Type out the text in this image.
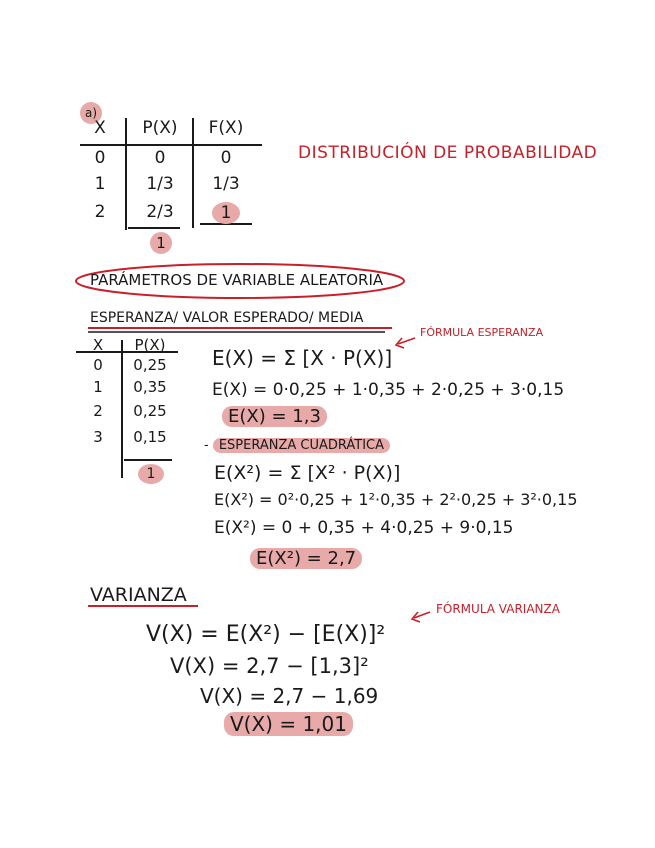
a)
X	P(X)	F(X)
0	0	0
1	1/3	1/3
2	2/3	1
1
DISTRIBUCIÓN DE PROBABILIDAD
PARÁMETROS DE VARIABLE ALEATORIA
ESPERANZA/ VALOR ESPERADO/ MEDIA
FÓRMULA ESPERANZA
X	P(X)
0	0,25
1	0,35
2	0,25
3	0,15
1
E(X) = Σ [X · P(X)]
E(X) = 0·0,25 + 1·0,35 + 2·0,25 + 3·0,15
E(X) = 1,3
- ESPERANZA CUADRÁTICA
E(X²) = Σ [X² · P(X)]
E(X²) = 0²·0,25 + 1²·0,35 + 2²·0,25 + 3²·0,15
E(X²) = 0 + 0,35 + 4·0,25 + 9·0,15
E(X²) = 2,7
VARIANZA
FÓRMULA VARIANZA
V(X) = E(X²) − [E(X)]²
V(X) = 2,7 − [1,3]²
V(X) = 2,7 − 1,69
V(X) = 1,01
